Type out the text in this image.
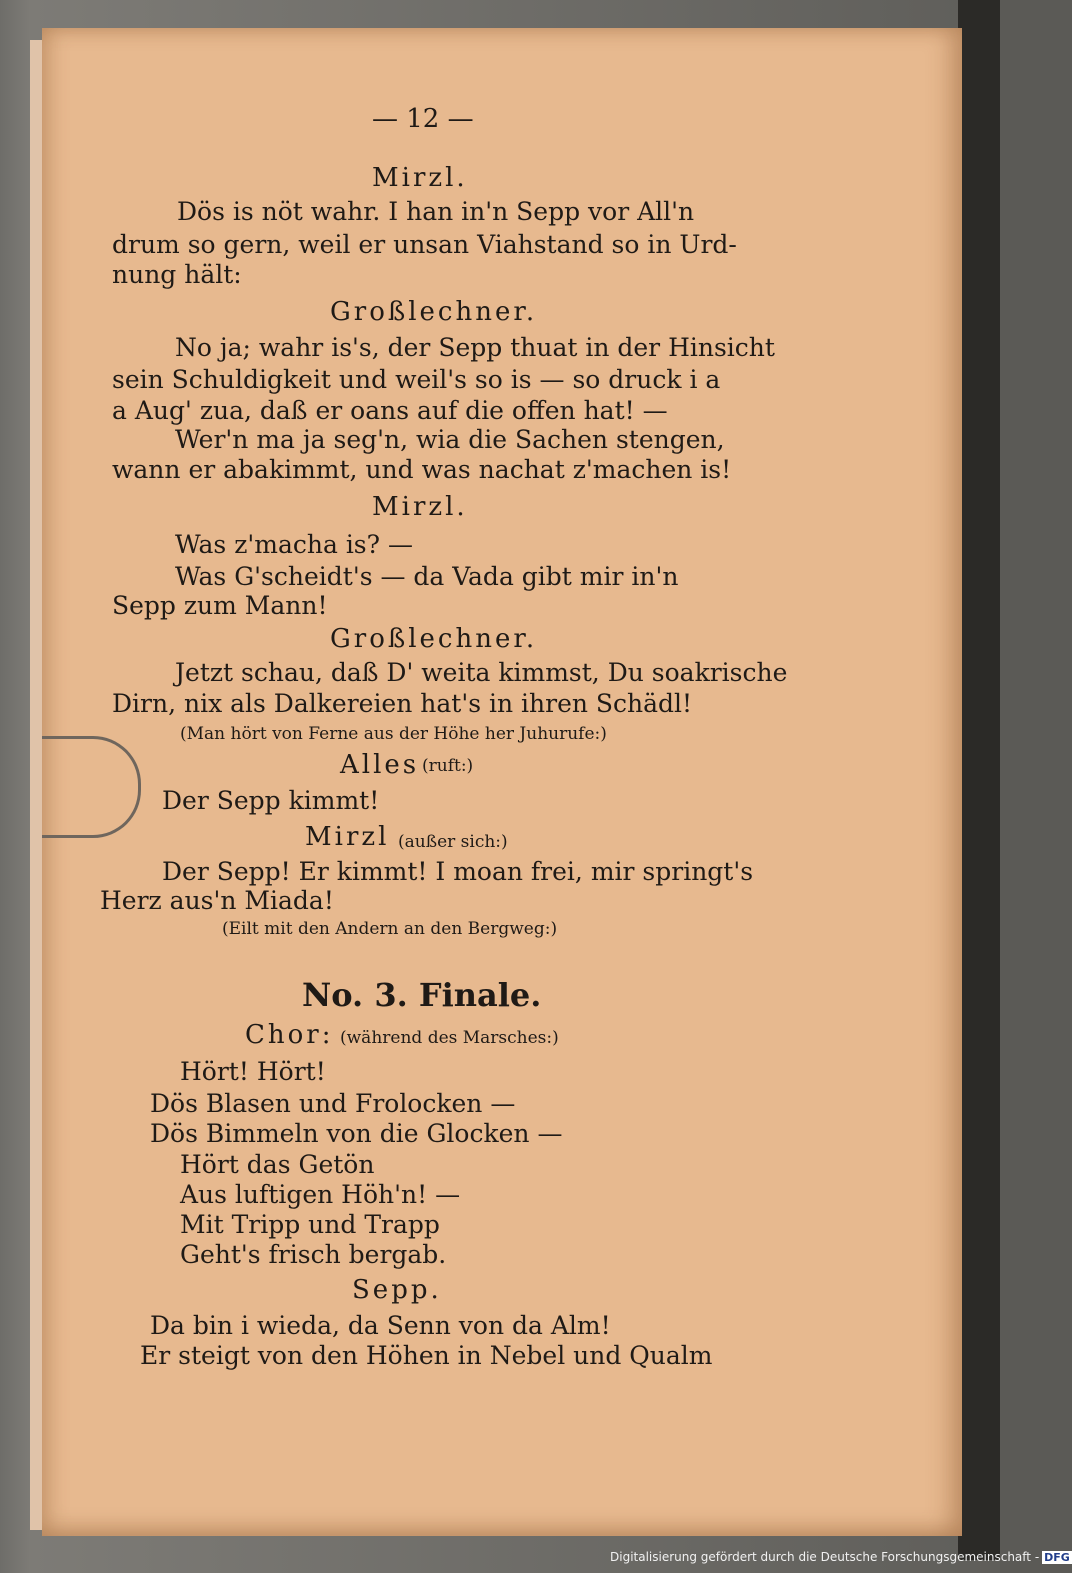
— 12 —
Mirzl.
Dös is nöt wahr. I han in'n Sepp vor All'n
drum so gern, weil er unsan Viahstand so in Urd-
nung hält:
Großlechner.
No ja; wahr is's, der Sepp thuat in der Hinsicht
sein Schuldigkeit und weil's so is — so druck i a
a Aug' zua, daß er oans auf die offen hat! —
Wer'n ma ja seg'n, wia die Sachen stengen,
wann er abakimmt, und was nachat z'machen is!
Mirzl.
Was z'macha is? —
Was G'scheidt's — da Vada gibt mir in'n
Sepp zum Mann!
Großlechner.
Jetzt schau, daß D' weita kimmst, Du soakrische
Dirn, nix als Dalkereien hat's in ihren Schädl!
(Man hört von Ferne aus der Höhe her Juhurufe:)
Alles (ruft:)
Der Sepp kimmt!
Mirzl (außer sich:)
Der Sepp! Er kimmt! I moan frei, mir springt's
Herz aus'n Miada!
(Eilt mit den Andern an den Bergweg:)
No. 3. Finale.
Chor: (während des Marsches:)
Hört! Hört!
Dös Blasen und Frolocken —
Dös Bimmeln von die Glocken —
Hört das Getön
Aus luftigen Höh'n! —
Mit Tripp und Trapp
Geht's frisch bergab.
Sepp.
Da bin i wieda, da Senn von da Alm!
Er steigt von den Höhen in Nebel und Qualm
Digitalisierung gefördert durch die Deutsche Forschungsgemeinschaft - DFG
